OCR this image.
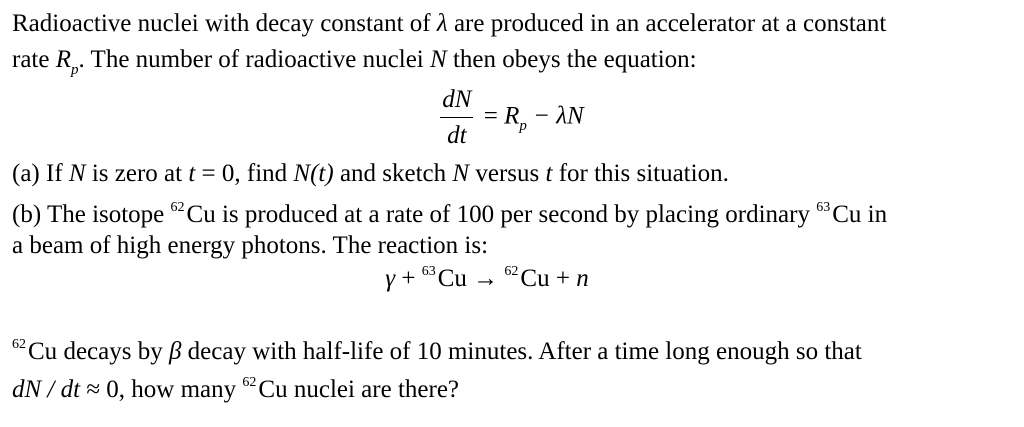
Radioactive nuclei with decay constant of λ are produced in an accelerator at a constant
rate $R_p$. The number of radioactive nuclei N then obeys the equation:
$\frac{dN}{dt} = R_p - \lambda N$
(a) If N is zero at t = 0, find N(t) and sketch N versus t for this situation.
(b) The isotope $^{62}$Cu is produced at a rate of 100 per second by placing ordinary $^{63}$Cu in
a beam of high energy photons. The reaction is:
γ + $^{63}$Cu → $^{62}$Cu + n
$^{62}$Cu decays by β decay with half-life of 10 minutes. After a time long enough so that
dN / dt ≈ 0, how many $^{62}$Cu nuclei are there?
